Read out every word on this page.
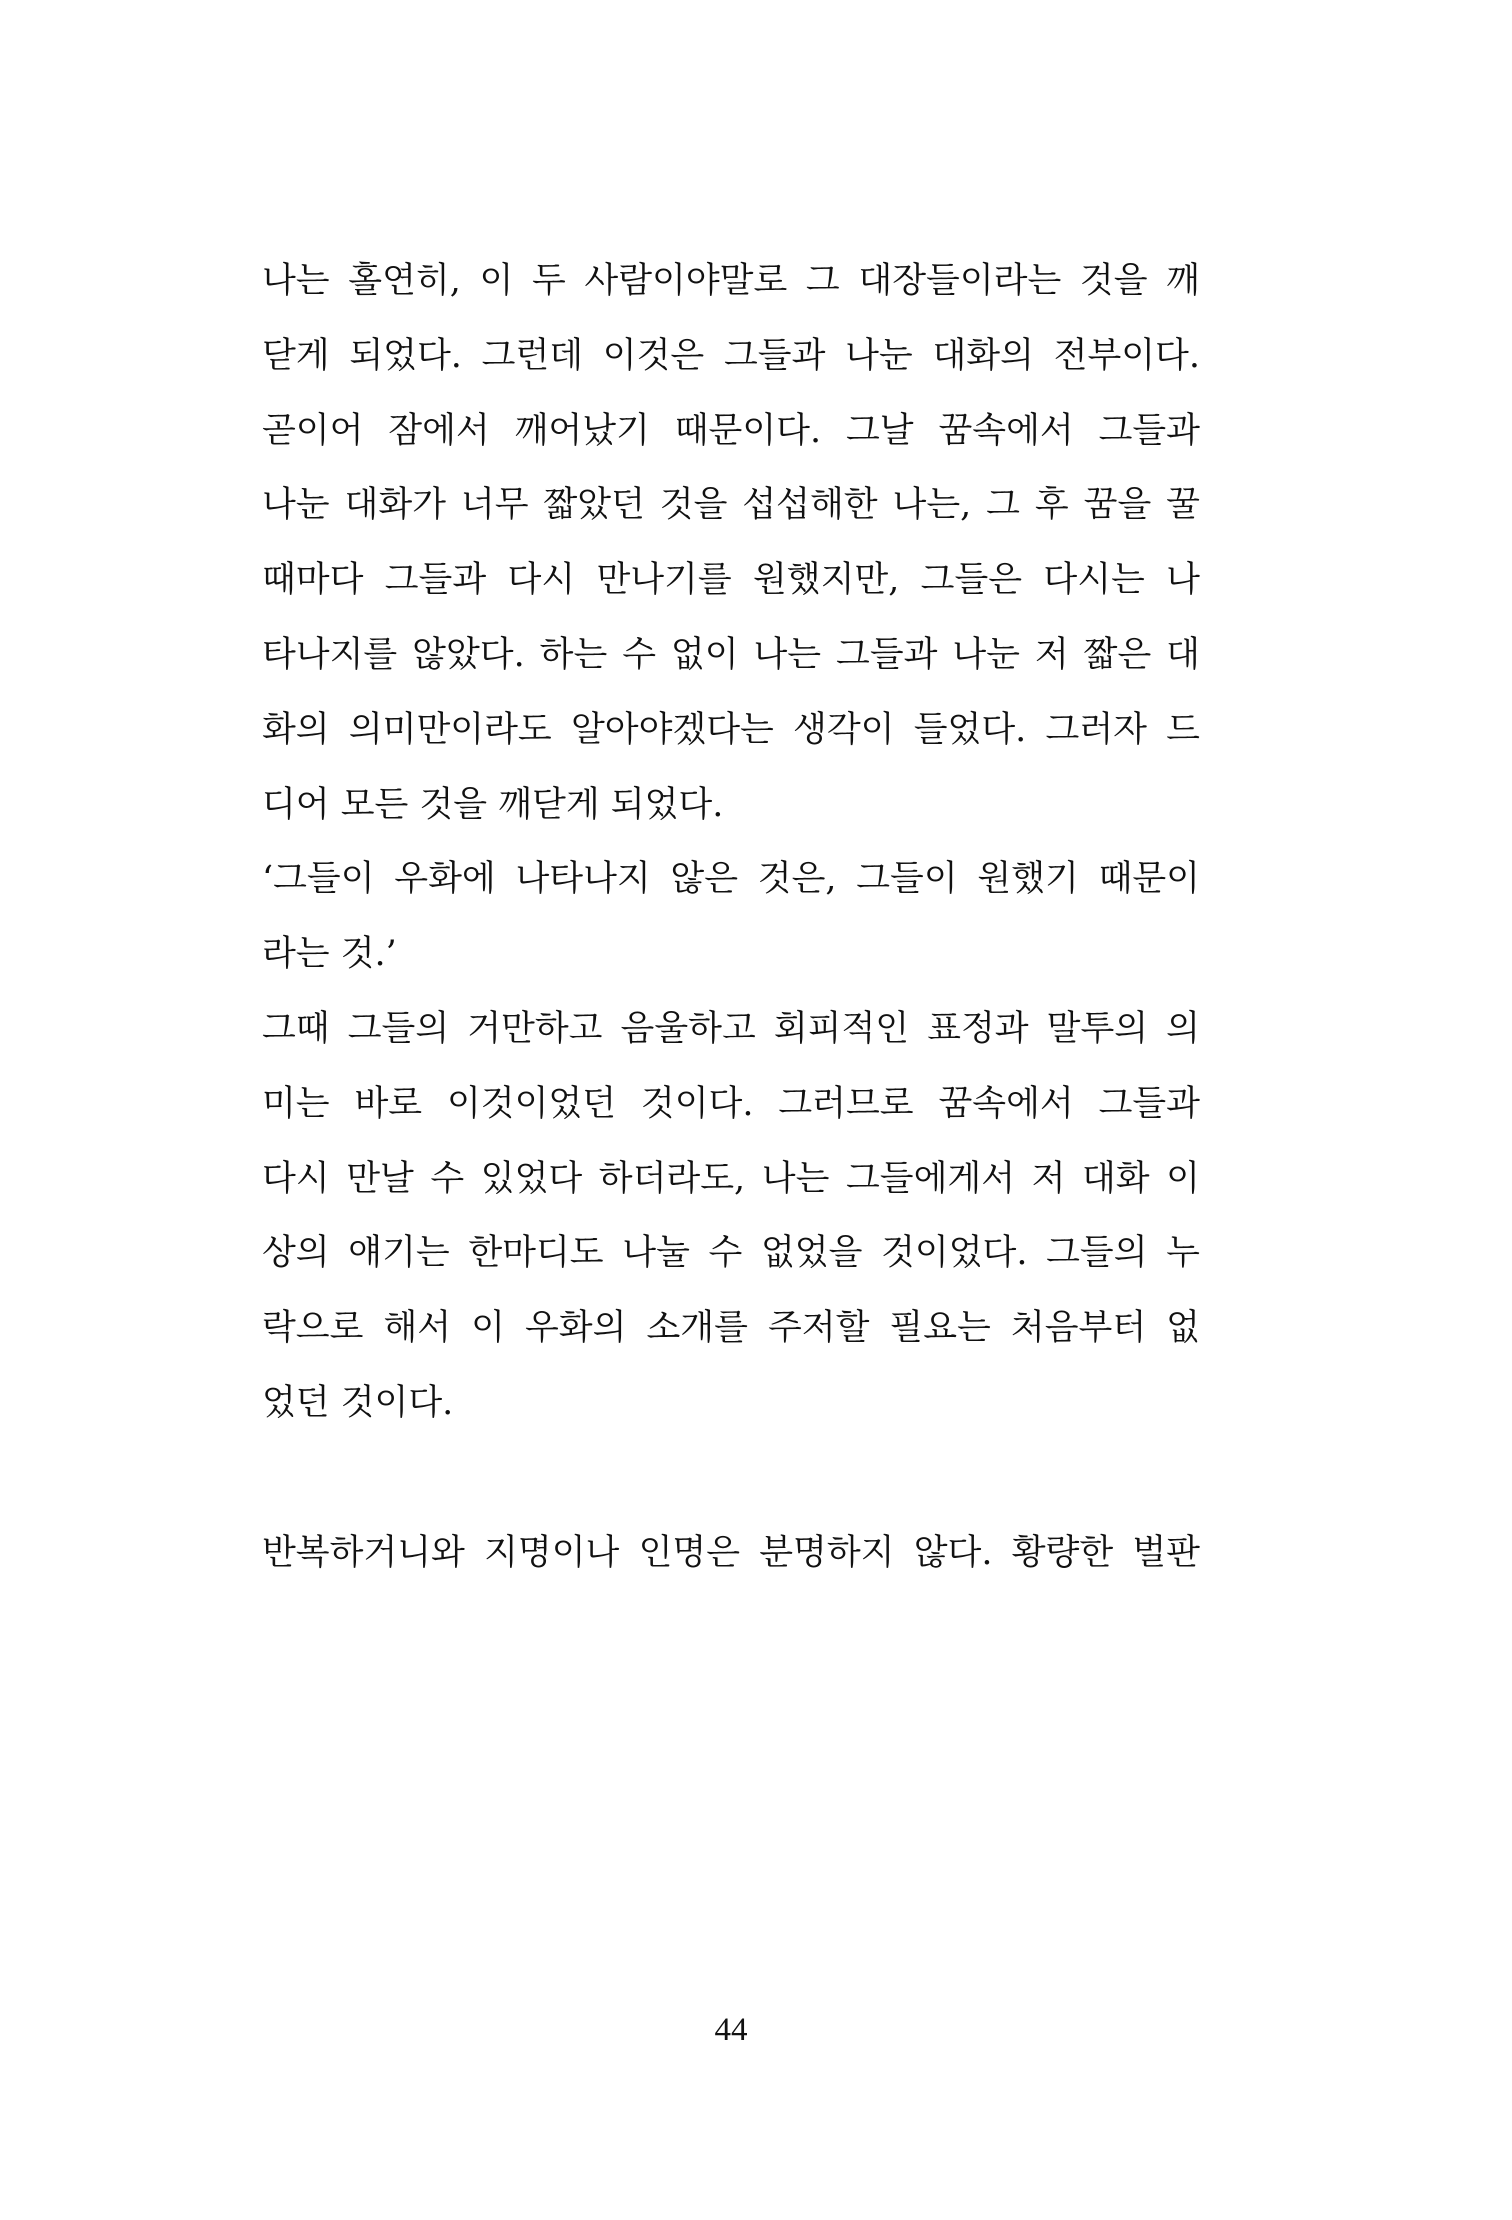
나는 홀연히, 이 두 사람이야말로 그 대장들이라는 것을 깨
닫게 되었다. 그런데 이것은 그들과 나눈 대화의 전부이다.
곧이어 잠에서 깨어났기 때문이다. 그날 꿈속에서 그들과
나눈 대화가 너무 짧았던 것을 섭섭해한 나는, 그 후 꿈을 꿀
때마다 그들과 다시 만나기를 원했지만, 그들은 다시는 나
타나지를 않았다. 하는 수 없이 나는 그들과 나눈 저 짧은 대
화의 의미만이라도 알아야겠다는 생각이 들었다. 그러자 드
디어 모든 것을 깨닫게 되었다.
‘그들이 우화에 나타나지 않은 것은, 그들이 원했기 때문이
라는 것.’
그때 그들의 거만하고 음울하고 회피적인 표정과 말투의 의
미는 바로 이것이었던 것이다. 그러므로 꿈속에서 그들과
다시 만날 수 있었다 하더라도, 나는 그들에게서 저 대화 이
상의 얘기는 한마디도 나눌 수 없었을 것이었다. 그들의 누
락으로 해서 이 우화의 소개를 주저할 필요는 처음부터 없
었던 것이다.
반복하거니와 지명이나 인명은 분명하지 않다. 황량한 벌판
44
